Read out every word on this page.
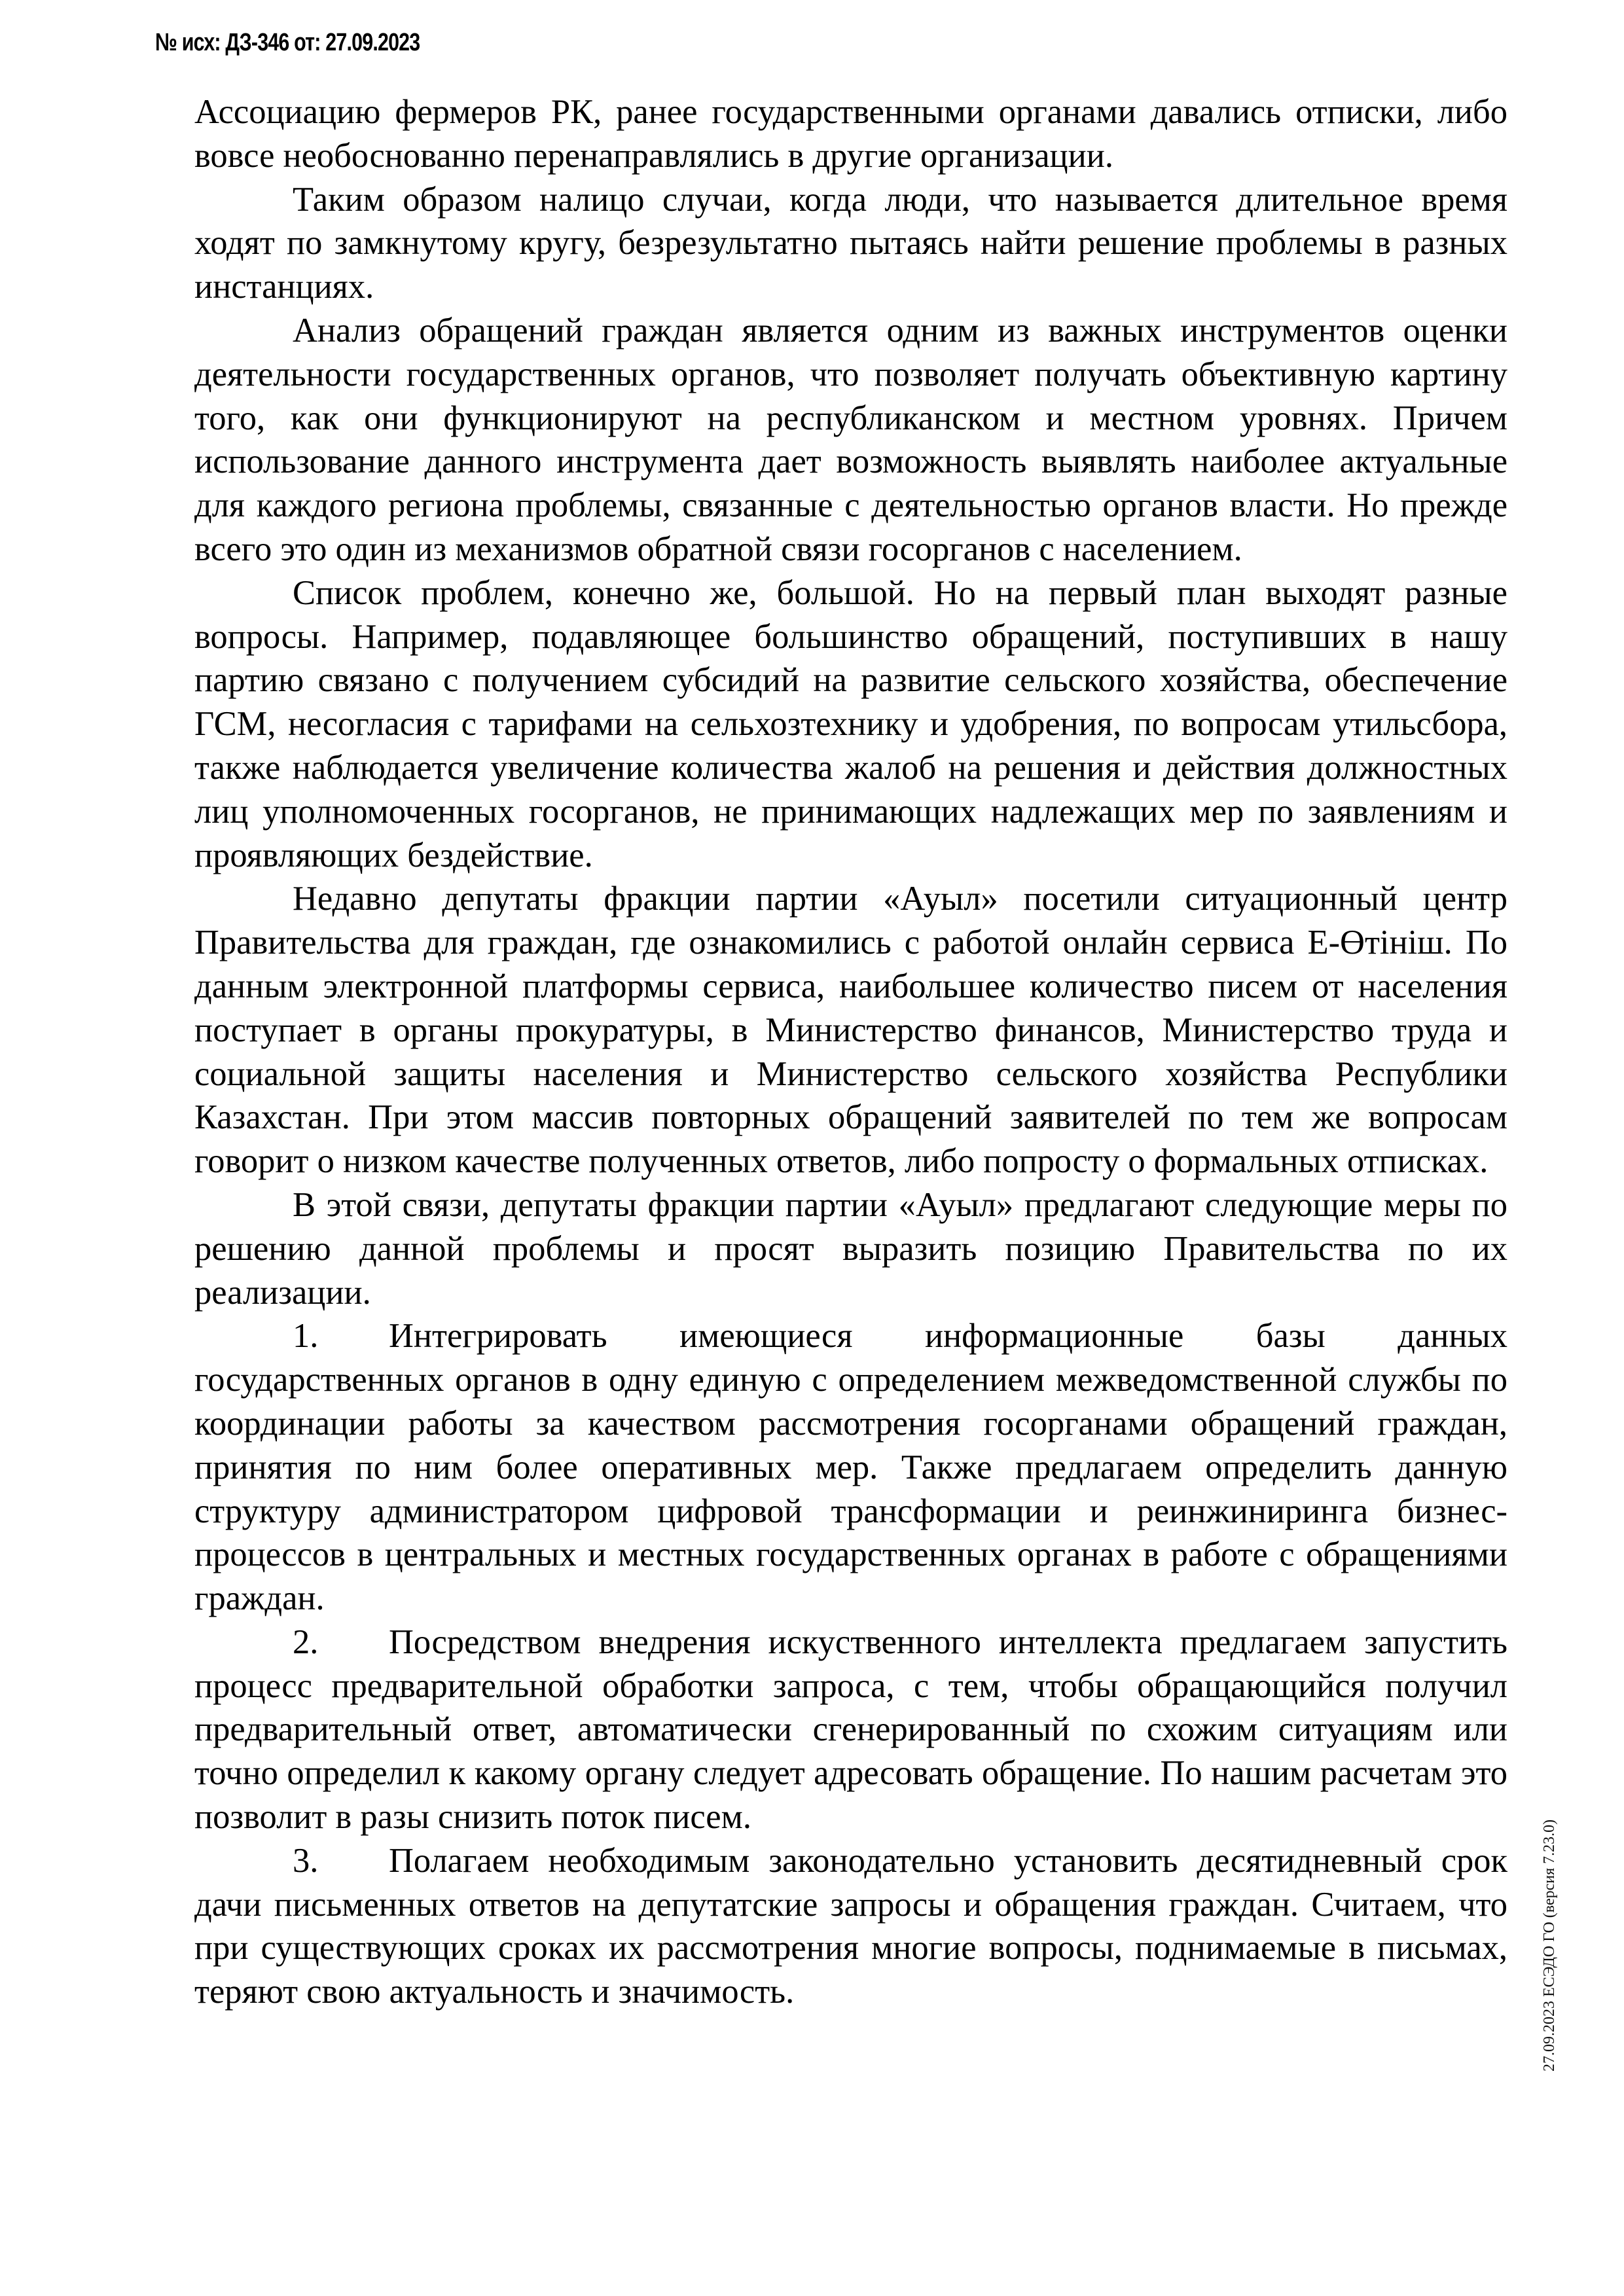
№ исх: ДЗ-346 от: 27.09.2023

Ассоциацию фермеров РК, ранее государственными органами давались отписки, либо вовсе необоснованно перенаправлялись в другие организации.

Таким образом налицо случаи, когда люди, что называется длительное время ходят по замкнутому кругу, безрезультатно пытаясь найти решение проблемы в разных инстанциях.

Анализ обращений граждан является одним из важных инструментов оценки деятельности государственных органов, что позволяет получать объективную картину того, как они функционируют на республиканском и местном уровнях. Причем использование данного инструмента дает возможность выявлять наиболее актуальные для каждого региона проблемы, связанные с деятельностью органов власти. Но прежде всего это один из механизмов обратной связи госорганов с населением.

Список проблем, конечно же, большой. Но на первый план выходят разные вопросы. Например, подавляющее большинство обращений, поступивших в нашу партию связано с получением субсидий на развитие сельского хозяйства, обеспечение ГСМ, несогласия с тарифами на сельхозтехнику и удобрения, по вопросам утильсбора, также наблюдается увеличение количества жалоб на решения и действия должностных лиц уполномоченных госорганов, не принимающих надлежащих мер по заявлениям и проявляющих бездействие.

Недавно депутаты фракции партии «Ауыл» посетили ситуационный центр Правительства для граждан, где ознакомились с работой онлайн сервиса Е-Өтініш. По данным электронной платформы сервиса, наибольшее количество писем от населения поступает в органы прокуратуры, в Министерство финансов, Министерство труда и социальной защиты населения и Министерство сельского хозяйства Республики Казахстан. При этом массив повторных обращений заявителей по тем же вопросам говорит о низком качестве полученных ответов, либо попросту о формальных отписках.

В этой связи, депутаты фракции партии «Ауыл» предлагают следующие меры по решению данной проблемы и просят выразить позицию Правительства по их реализации.

1. Интегрировать имеющиеся информационные базы данных государственных органов в одну единую с определением межведомственной службы по координации работы за качеством рассмотрения госорганами обращений граждан, принятия по ним более оперативных мер. Также предлагаем определить данную структуру администратором цифровой трансформации и реинжиниринга бизнес-процессов в центральных и местных государственных органах в работе с обращениями граждан.

2. Посредством внедрения искуственного интеллекта предлагаем запустить процесс предварительной обработки запроса, с тем, чтобы обращающийся получил предварительный ответ, автоматически сгенерированный по схожим ситуациям или точно определил к какому органу следует адресовать обращение. По нашим расчетам это позволит в разы снизить поток писем.

3. Полагаем необходимым законодательно установить десятидневный срок дачи письменных ответов на депутатские запросы и обращения граждан. Считаем, что при существующих сроках их рассмотрения многие вопросы, поднимаемые в письмах, теряют свою актуальность и значимость.	27.09.2023 ЕСЭДО ГО (версия 7.23.0)
